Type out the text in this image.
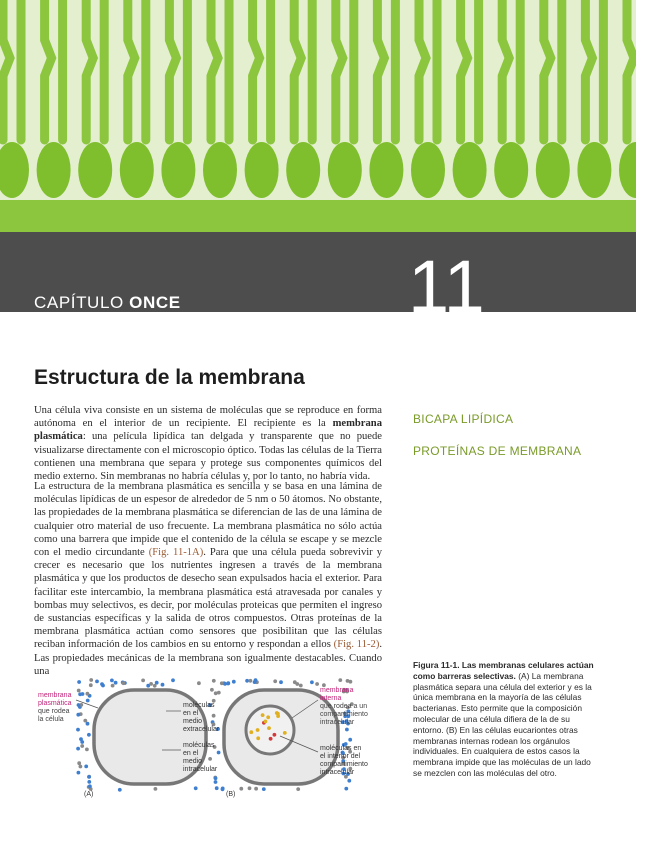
CAPÍTULO ONCE	11
Estructura de la membrana

Una célula viva consiste en un sistema de moléculas que se reproduce en forma autónoma en el interior de un recipiente. El recipiente es la membrana plasmática: una película lipídica tan delgada y transparente que no puede visualizarse directamente con el microscopio óptico. Todas las células de la Tierra contienen una membrana que separa y protege sus componentes químicos del medio externo. Sin membranas no habría células y, por lo tanto, no habría vida.

La estructura de la membrana plasmática es sencilla y se basa en una lámina de moléculas lipídicas de un espesor de alrededor de 5 nm o 50 átomos. No obstante, las propiedades de la membrana plasmática se diferencian de las de una lámina de cualquier otro material de uso frecuente. La membrana plasmática no sólo actúa como una barrera que impide que el contenido de la célula se escape y se mezcle con el medio circundante (Fig. 11-1A). Para que una célula pueda sobrevivir y crecer es necesario que los nutrientes ingresen a través de la membrana plasmática y que los productos de desecho sean expulsados hacia el exterior. Para facilitar este intercambio, la membrana plasmática está atravesada por canales y bombas muy selectivos, es decir, por moléculas proteicas que permiten el ingreso de sustancias específicas y la salida de otros compuestos. Otras proteínas de la membrana plasmática actúan como sensores que posibilitan que las células reciban información de los cambios en su entorno y respondan a ellos (Fig. 11-2). Las propiedades mecánicas de la membrana son igualmente destacables. Cuando una

BICAPA LIPÍDICA
PROTEÍNAS DE MEMBRANA
Figura 11-1. Las membranas celulares actúan como barreras selectivas. (A) La membrana plasmática separa una célula del exterior y es la única membrana en la mayoría de las células bacterianas. Esto permite que la composición molecular de una célula difiera de la de su entorno. (B) En las células eucariontes otras membranas internas rodean los orgánulos individuales. En cualquiera de estos casos la membrana impide que las moléculas de un lado se mezclen con las moléculas del otro.
membrana plasmática que rodea la célula
moléculas en el medio extracelular
moléculas en el medio intracelular
membrana interna que rodea a un compartimiento intracelular
moléculas en el interior del compartimiento intracelular
(A)	(B)
